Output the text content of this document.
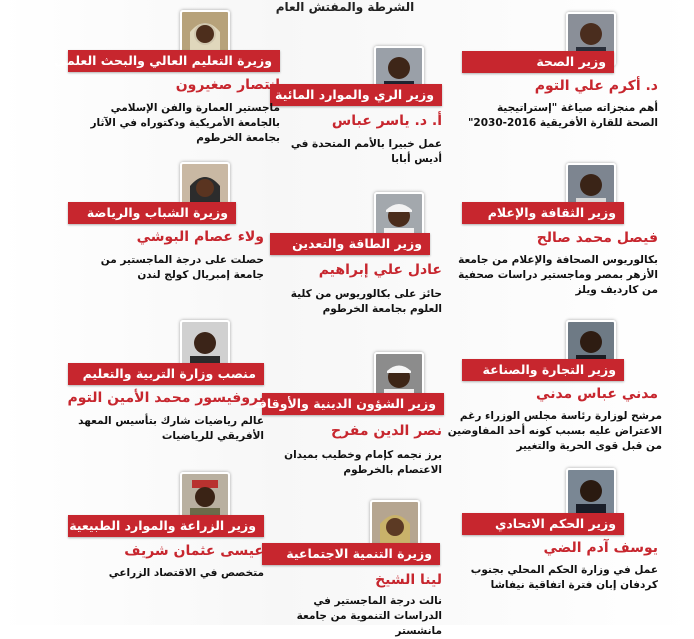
الشرطة والمفتش العام
وزير الصحة
د. أكرم علي التوم
أهم منجزاته صياغة "إستراتيجية الصحة للقارة الأفريقية 2016-2030"
وزير الري والموارد المائية
أ. د. ياسر عباس
عمل خبيرا بالأمم المتحدة في أديس أبابا
وزيرة التعليم العالي والبحث العلمي
انتصار صغيرون
ماجستير العمارة والفن الإسلامي بالجامعة الأمريكية ودكتوراه في الآثار بجامعة الخرطوم
وزير الثقافة والإعلام
فيصل محمد صالح
بكالوريوس الصحافة والإعلام من جامعة الأزهر بمصر وماجستير دراسات صحفية من كارديف ويلز
وزير الطاقة والتعدين
عادل علي إبراهيم
حائز على بكالوريوس من كلية العلوم بجامعة الخرطوم
وزيرة الشباب والرياضة
ولاء عصام البوشي
حصلت على درجة الماجستير من جامعة إمبريال كولج لندن
وزير التجارة والصناعة
مدني عباس مدني
مرشح لوزارة رئاسة مجلس الوزراء رغم الاعتراض عليه بسبب كونه أحد المفاوضين من قبل قوى الحرية والتغيير
وزير الشؤون الدينية والأوقاف
نصر الدين مفرح
برز نجمه كإمام وخطيب بميدان الاعتصام بالخرطوم
منصب وزارة التربية والتعليم
بروفيسور محمد الأمين التوم
عالم رياضيات شارك بتأسيس المعهد الأفريقي للرياضيات
وزير الحكم الاتحادي
يوسف آدم الضي
عمل في وزارة الحكم المحلي بجنوب كردفان إبان فترة اتفاقية نيفاشا
وزيرة التنمية الاجتماعية
لينا الشيخ
نالت درجة الماجستير في الدراسات التنموية من جامعة مانشستر
وزير الزراعة والموارد الطبيعية
عيسى عثمان شريف
متخصص في الاقتصاد الزراعي
